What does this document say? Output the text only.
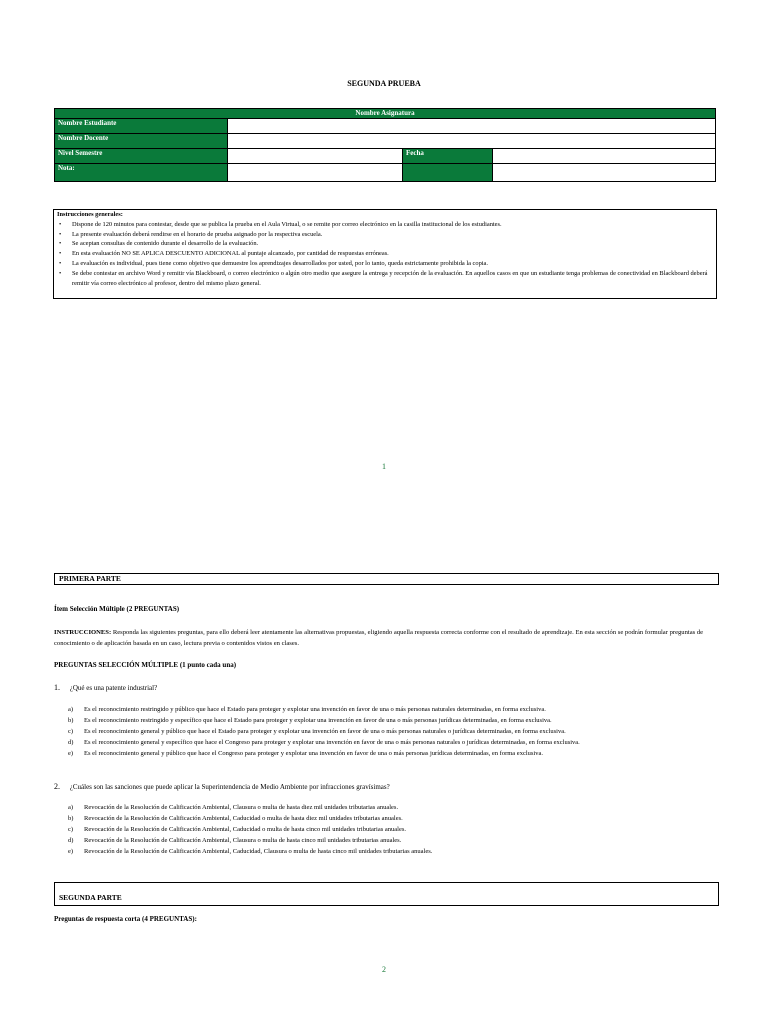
SEGUNDA PRUEBA
Nombre Asignatura			
Nombre Estudiante			
Nombre Docente			
Nivel Semestre		Fecha	
Nota:			
Instrucciones generales:
• Dispone de 120 minutos para contestar, desde que se publica la prueba en el Aula Virtual, o se remite por correo electrónico en la casilla institucional de los estudiantes.
• La presente evaluación deberá rendirse en el horario de prueba asignado por la respectiva escuela.
• Se aceptan consultas de contenido durante el desarrollo de la evaluación.
• En esta evaluación NO SE APLICA DESCUENTO ADICIONAL al puntaje alcanzado, por cantidad de respuestas erróneas.
• La evaluación es individual, pues tiene como objetivo que demuestre los aprendizajes desarrollados por usted, por lo tanto, queda estrictamente prohibida la copia.
• Se debe contestar en archivo Word y remitir vía Blackboard, o correo electrónico o algún otro medio que asegure la entrega y recepción de la evaluación. En aquellos casos en que un estudiante tenga problemas de conectividad en Blackboard deberá remitir vía correo electrónico al profesor, dentro del mismo plazo general.
1
PRIMERA PARTE
Ítem Selección Múltiple (2 PREGUNTAS)
INSTRUCCIONES: Responda las siguientes preguntas, para ello deberá leer atentamente las alternativas propuestas, eligiendo aquella respuesta correcta conforme con el resultado de aprendizaje. En esta sección se podrán formular preguntas de conocimiento o de aplicación basada en un caso, lectura previa o contenidos vistos en clases.
PREGUNTAS SELECCIÓN MÚLTIPLE (1 punto cada una)
1. ¿Qué es una patente industrial?
a) Es el reconocimiento restringido y público que hace el Estado para proteger y explotar una invención en favor de una o más personas naturales determinadas, en forma exclusiva.
b) Es el reconocimiento restringido y específico que hace el Estado para proteger y explotar una invención en favor de una o más personas jurídicas determinadas, en forma exclusiva.
c) Es el reconocimiento general y público que hace el Estado para proteger y explotar una invención en favor de una o más personas naturales o jurídicas determinadas, en forma exclusiva.
d) Es el reconocimiento general y específico que hace el Congreso para proteger y explotar una invención en favor de una o más personas naturales o jurídicas determinadas, en forma exclusiva.
e) Es el reconocimiento general y público que hace el Congreso para proteger y explotar una invención en favor de una o más personas jurídicas determinadas, en forma exclusiva.
2. ¿Cuáles son las sanciones que puede aplicar la Superintendencia de Medio Ambiente por infracciones gravísimas?
a) Revocación de la Resolución de Calificación Ambiental, Clausura o multa de hasta diez mil unidades tributarias anuales.
b) Revocación de la Resolución de Calificación Ambiental, Caducidad o multa de hasta diez mil unidades tributarias anuales.
c) Revocación de la Resolución de Calificación Ambiental, Caducidad o multa de hasta cinco mil unidades tributarias anuales.
d) Revocación de la Resolución de Calificación Ambiental, Clausura o multa de hasta cinco mil unidades tributarias anuales.
e) Revocación de la Resolución de Calificación Ambiental, Caducidad, Clausura o multa de hasta cinco mil unidades tributarias anuales.
SEGUNDA PARTE
Preguntas de respuesta corta (4 PREGUNTAS):
2
